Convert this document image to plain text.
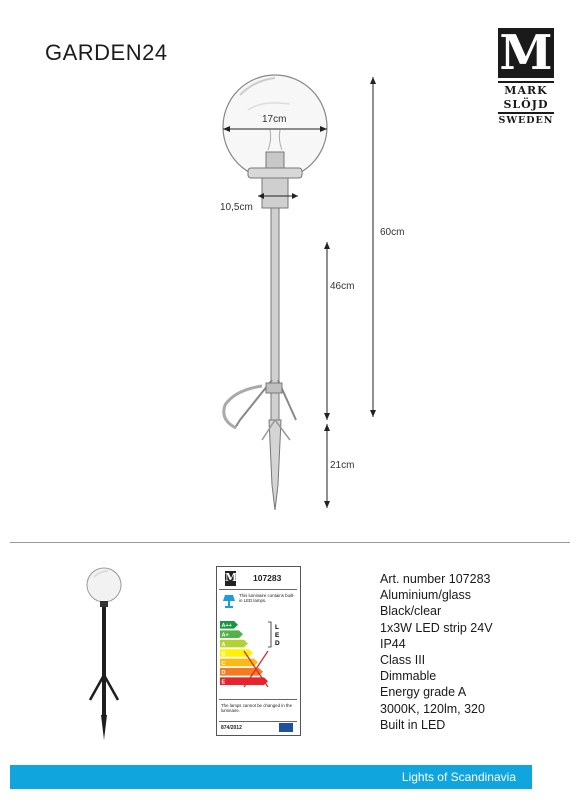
GARDEN24	M
MARK
SLÖJD
SWEDEN
17cm
10,5cm
60cm
46cm
21cm
M 107283
This luminaire contains built-in LED lamps.
A++
A+
A
B
C
D
E
L
E
D
The lamps cannot be changed in the luminaire.
874/2012
Art. number 107283
Aluminium/glass
Black/clear
1x3W LED strip 24V
IP44
Class III
Dimmable
Energy grade A
3000K, 120lm, 320
Built in LED
Lights of Scandinavia
